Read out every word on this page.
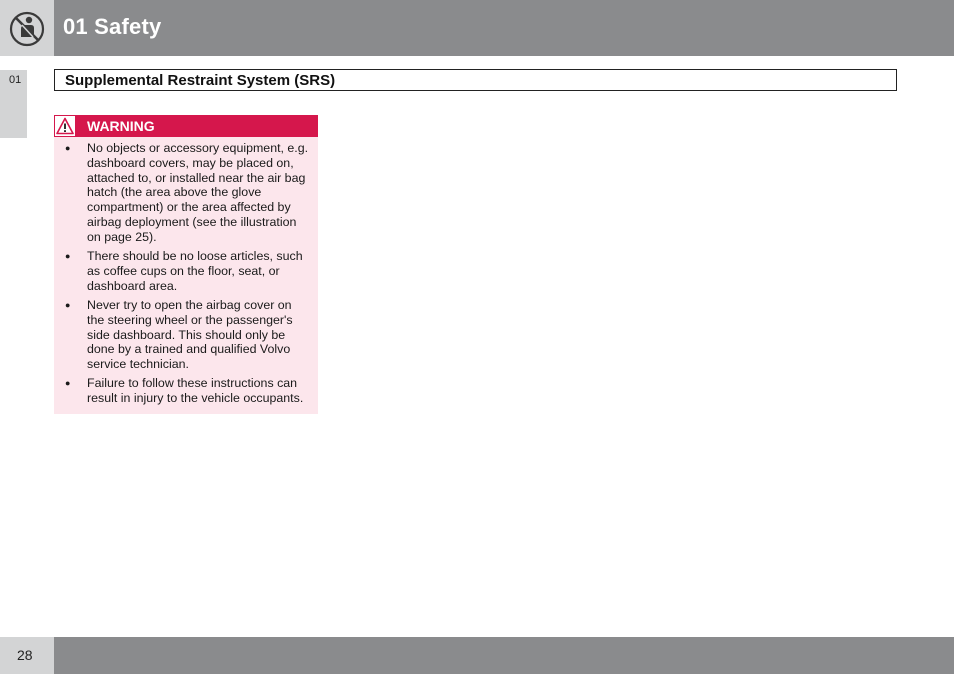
01 Safety
01	Supplemental Restraint System (SRS)
WARNING
● No objects or accessory equipment, e.g. dashboard covers, may be placed on, attached to, or installed near the air bag hatch (the area above the glove compartment) or the area affected by airbag deployment (see the illustration on page 25).
● There should be no loose articles, such as coffee cups on the floor, seat, or dashboard area.
● Never try to open the airbag cover on the steering wheel or the passenger's side dashboard. This should only be done by a trained and qualified Volvo service technician.
● Failure to follow these instructions can result in injury to the vehicle occupants.
28
